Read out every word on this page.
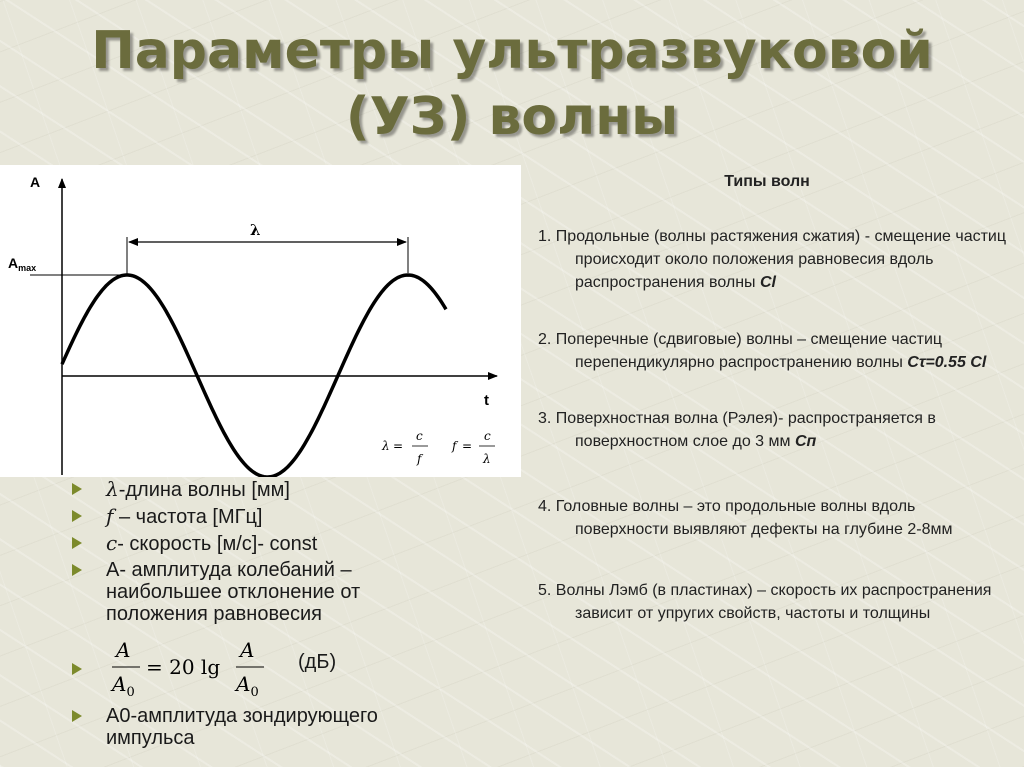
Параметры ультразвуковой
(УЗ) волны
A
t
$A_{max}$
λ
λ =
c
f
f =
c
λ
λ-длина волны [мм]
f – частота [МГц]
c- скорость [м/с]- const
А- амплитуда колебаний – наибольшее отклонение от положения равновесия
A
$A_0$
= 20 lg
A
$A_0$
(дБ)
А0-амплитуда зондирующего импульса
Типы волн
1. Продольные (волны растяжения сжатия) - смещение частиц происходит около положения равновесия вдоль распространения волны Cl
2. Поперечные (сдвиговые) волны – смещение частиц перепендикулярно распространению волны Cτ=0.55 Cl
3. Поверхностная волна (Рэлея)- распространяется в поверхностном слое до 3 мм Cп
4. Головные волны – это продольные волны вдоль поверхности выявляют дефекты на глубине 2-8мм
5. Волны Лэмб (в пластинах) – скорость их распространения зависит от упругих свойств, частоты и толщины
